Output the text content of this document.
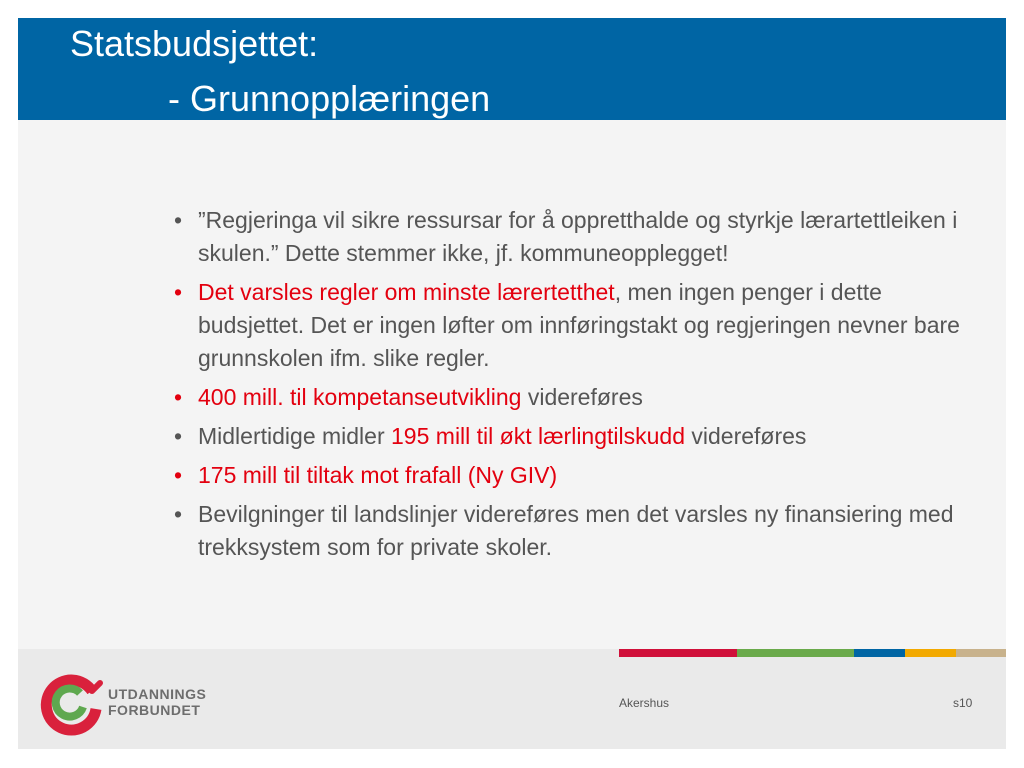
Statsbudsjettet:
- Grunnopplæringen
• ”Regjeringa vil sikre ressursar for å oppretthalde og styrkje lærartettleiken i skulen.” Dette stemmer ikke, jf. kommuneopplegget!
• Det varsles regler om minste lærertetthet, men ingen penger i dette budsjettet. Det er ingen løfter om innføringstakt og regjeringen nevner bare grunnskolen ifm. slike regler.
• 400 mill. til kompetanseutvikling videreføres
• Midlertidige midler 195 mill til økt lærlingtilskudd videreføres
• 175 mill til tiltak mot frafall (Ny GIV)
• Bevilgninger til landslinjer videreføres men det varsles ny finansiering med trekksystem som for private skoler.
UTDANNINGS
FORBUNDET	Akershus	s10
